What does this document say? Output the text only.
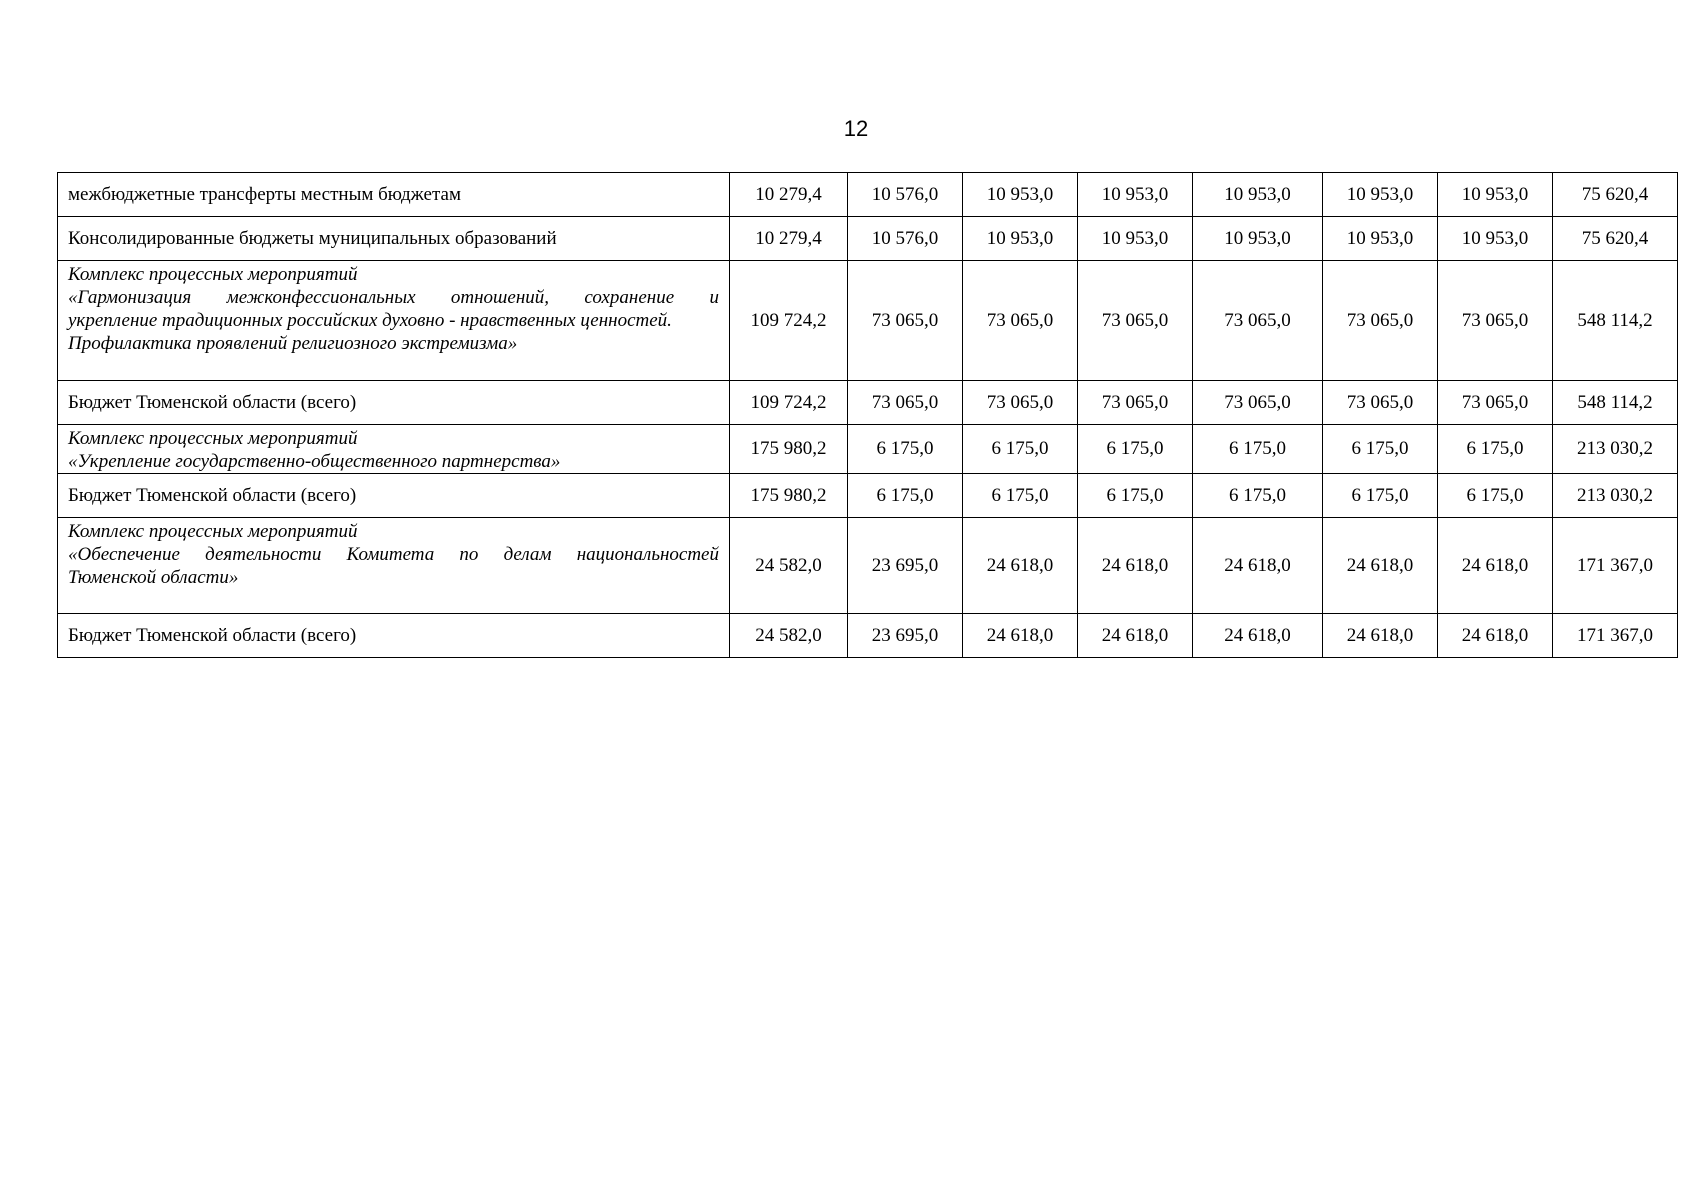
12
межбюджетные трансферты местным бюджетам	10 279,4	10 576,0	10 953,0	10 953,0	10 953,0	10 953,0	10 953,0	75 620,4
Консолидированные бюджеты муниципальных образований	10 279,4	10 576,0	10 953,0	10 953,0	10 953,0	10 953,0	10 953,0	75 620,4

Комплекс процессных мероприятий
«Гармонизация межконфессиональных отношений, сохранение и
укрепление традиционных российских духовно - нравственных ценностей.
Профилактика проявлений религиозного экстремизма»	109 724,2	73 065,0	73 065,0	73 065,0	73 065,0	73 065,0	73 065,0	548 114,2
Бюджет Тюменской области (всего)	109 724,2	73 065,0	73 065,0	73 065,0	73 065,0	73 065,0	73 065,0	548 114,2

Комплекс процессных мероприятий
«Укрепление государственно-общественного партнерства»	175 980,2	6 175,0	6 175,0	6 175,0	6 175,0	6 175,0	6 175,0	213 030,2
Бюджет Тюменской области (всего)	175 980,2	6 175,0	6 175,0	6 175,0	6 175,0	6 175,0	6 175,0	213 030,2

Комплекс процессных мероприятий
«Обеспечение деятельности Комитета по делам национальностей
Тюменской области»	24 582,0	23 695,0	24 618,0	24 618,0	24 618,0	24 618,0	24 618,0	171 367,0
Бюджет Тюменской области (всего)	24 582,0	23 695,0	24 618,0	24 618,0	24 618,0	24 618,0	24 618,0	171 367,0
